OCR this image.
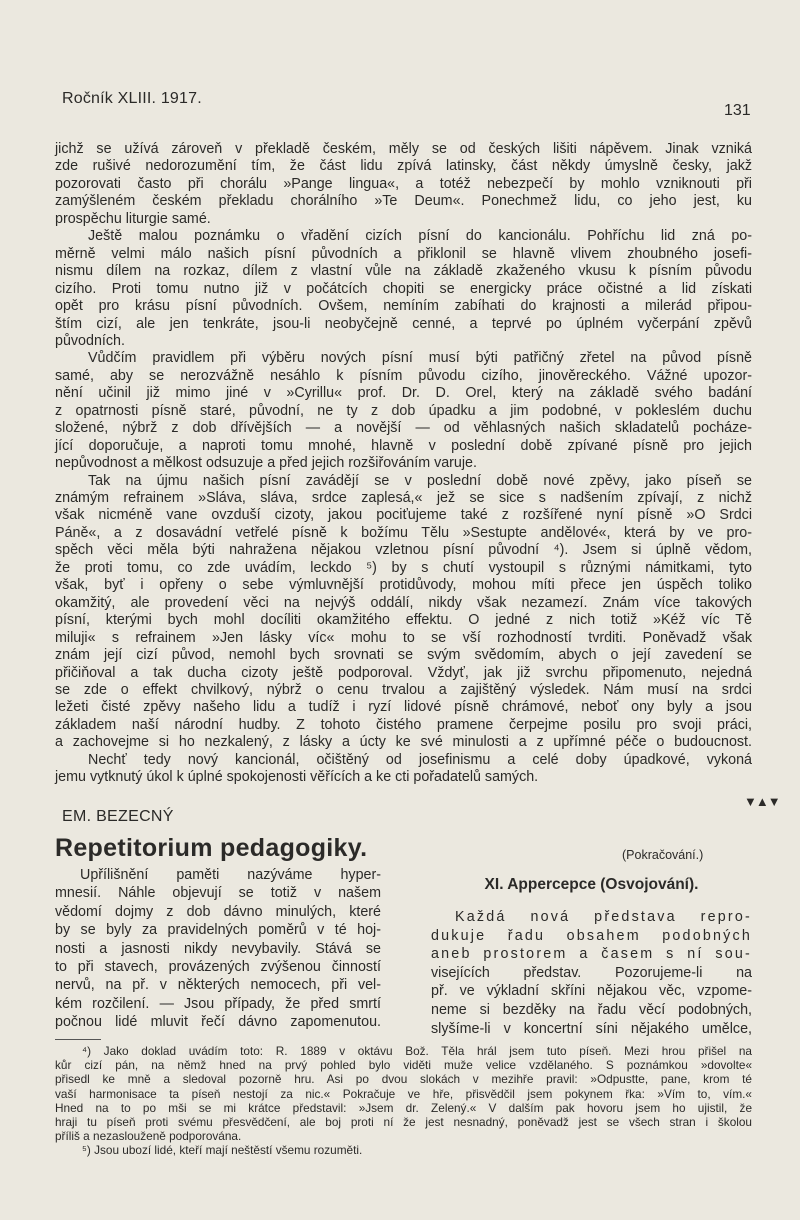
Ročník XLIII. 1917.
131
jichž se užívá zároveň v překladě českém, měly se od českých lišiti nápěvem. Jinak vzniká
zde rušivé nedorozumění tím, že část lidu zpívá latinsky, část někdy úmyslně česky, jakž
pozorovati často při chorálu »Pange lingua«, a totéž nebezpečí by mohlo vzniknouti při
zamýšleném českém překladu chorálního »Te Deum«. Ponechmež lidu, co jeho jest, ku
prospěchu liturgie samé.
Ještě malou poznámku o vřadění cizích písní do kancionálu. Pohříchu lid zná po-
měrně velmi málo našich písní původních a přiklonil se hlavně vlivem zhoubného josefi-
nismu dílem na rozkaz, dílem z vlastní vůle na základě zkaženého vkusu k písním původu
cizího. Proti tomu nutno již v počátcích chopiti se energicky práce očistné a lid získati
opět pro krásu písní původních. Ovšem, nemíním zabíhati do krajnosti a milerád připou-
štím cizí, ale jen tenkráte, jsou-li neobyčejně cenné, a teprvé po úplném vyčerpání zpěvů
původních.
Vůdčím pravidlem při výběru nových písní musí býti patřičný zřetel na původ písně
samé, aby se nerozvážně nesáhlo k písním původu cizího, jinověreckého. Vážné upozor-
nění učinil již mimo jiné v »Cyrillu« prof. Dr. D. Orel, který na základě svého badání
z opatrnosti písně staré, původní, ne ty z dob úpadku a jim podobné, v pokleslém duchu
složené, nýbrž z dob dřívějších — a novější — od věhlasných našich skladatelů pocháze-
jící doporučuje, a naproti tomu mnohé, hlavně v poslední době zpívané písně pro jejich
nepůvodnost a mělkost odsuzuje a před jejich rozšiřováním varuje.
Tak na újmu našich písní zavádějí se v poslední době nové zpěvy, jako píseň se
známým refrainem »Sláva, sláva, srdce zaplesá,« jež se sice s nadšením zpívají, z nichž
však nicméně vane ovzduší cizoty, jakou pociťujeme také z rozšířené nyní písně »O Srdci
Páně«, a z dosavádní vetřelé písně k božímu Tělu »Sestupte andělové«, která by ve pro-
spěch věci měla býti nahražena nějakou vzletnou písní původní ⁴). Jsem si úplně vědom,
že proti tomu, co zde uvádím, leckdo ⁵) by s chutí vystoupil s různými námitkami, tyto
však, byť i opřeny o sebe výmluvnější protidůvody, mohou míti přece jen úspěch toliko
okamžitý, ale provedení věci na nejvýš oddálí, nikdy však nezamezí. Znám více takových
písní, kterými bych mohl docíliti okamžitého effektu. O jedné z nich totiž »Kéž víc Tě
miluji« s refrainem »Jen lásky víc« mohu to se vší rozhodností tvrditi. Poněvadž však
znám její cizí původ, nemohl bych srovnati se svým svědomím, abych o její zavedení se
přičiňoval a tak ducha cizoty ještě podporoval. Vždyť, jak již svrchu připomenuto, nejedná
se zde o effekt chvilkový, nýbrž o cenu trvalou a zajištěný výsledek. Nám musí na srdci
ležeti čisté zpěvy našeho lidu a tudíž i ryzí lidové písně chrámové, neboť ony byly a jsou
základem naší národní hudby. Z tohoto čistého pramene čerpejme posilu pro svoji práci,
a zachovejme si ho nezkalený, z lásky a úcty ke své minulosti a z upřímné péče o budoucnost.
Nechť tedy nový kancionál, očištěný od josefinismu a celé doby úpadkové, vykoná
jemu vytknutý úkol k úplné spokojenosti věřících a ke cti pořadatelů samých.
▼▲▼
EM. BEZECNÝ
Repetitorium pedagogiky.	(Pokračování.)
XI. Appercepce (Osvojování).
Upřílišnění paměti nazýváme hyper-
mnesií. Náhle objevují se totiž v našem
vědomí dojmy z dob dávno minulých, které
by se byly za pravidelných poměrů v té hoj-
nosti a jasnosti nikdy nevybavily. Stává se
to při stavech, provázených zvýšenou činností
nervů, na př. v některých nemocech, při vel-
kém rozčilení. — Jsou případy, že před smrtí
počnou lidé mluvit řečí dávno zapomenutou.
Každá nová představa repro-
dukuje řadu obsahem podobných
aneb prostorem a časem s ní sou-
visejících představ. Pozorujeme-li na
př. ve výkladní skříni nějakou věc, vzpome-
neme si bezděky na řadu věcí podobných,
slyšíme-li v koncertní síni nějakého umělce,
⁴) Jako doklad uvádím toto: R. 1889 v oktávu Bož. Těla hrál jsem tuto píseň. Mezi hrou přišel na
kůr cizí pán, na němž hned na prvý pohled bylo viděti muže velice vzdělaného. S poznámkou »dovolte«
přisedl ke mně a sledoval pozorně hru. Asi po dvou slokách v mezihře pravil: »Odpustte, pane, krom té
vaší harmonisace ta píseň nestojí za nic.« Pokračuje ve hře, přisvědčil jsem pokynem řka: »Vím to, vím.«
Hned na to po mši se mi krátce představil: »Jsem dr. Zelený.« V dalším pak hovoru jsem ho ujistil, že
hraji tu píseň proti svému přesvědčení, ale boj proti ní že jest nesnadný, poněvadž jest se všech stran i školou
příliš a nezaslouženě podporována.
⁵) Jsou ubozí lidé, kteří mají neštěstí všemu rozuměti.
